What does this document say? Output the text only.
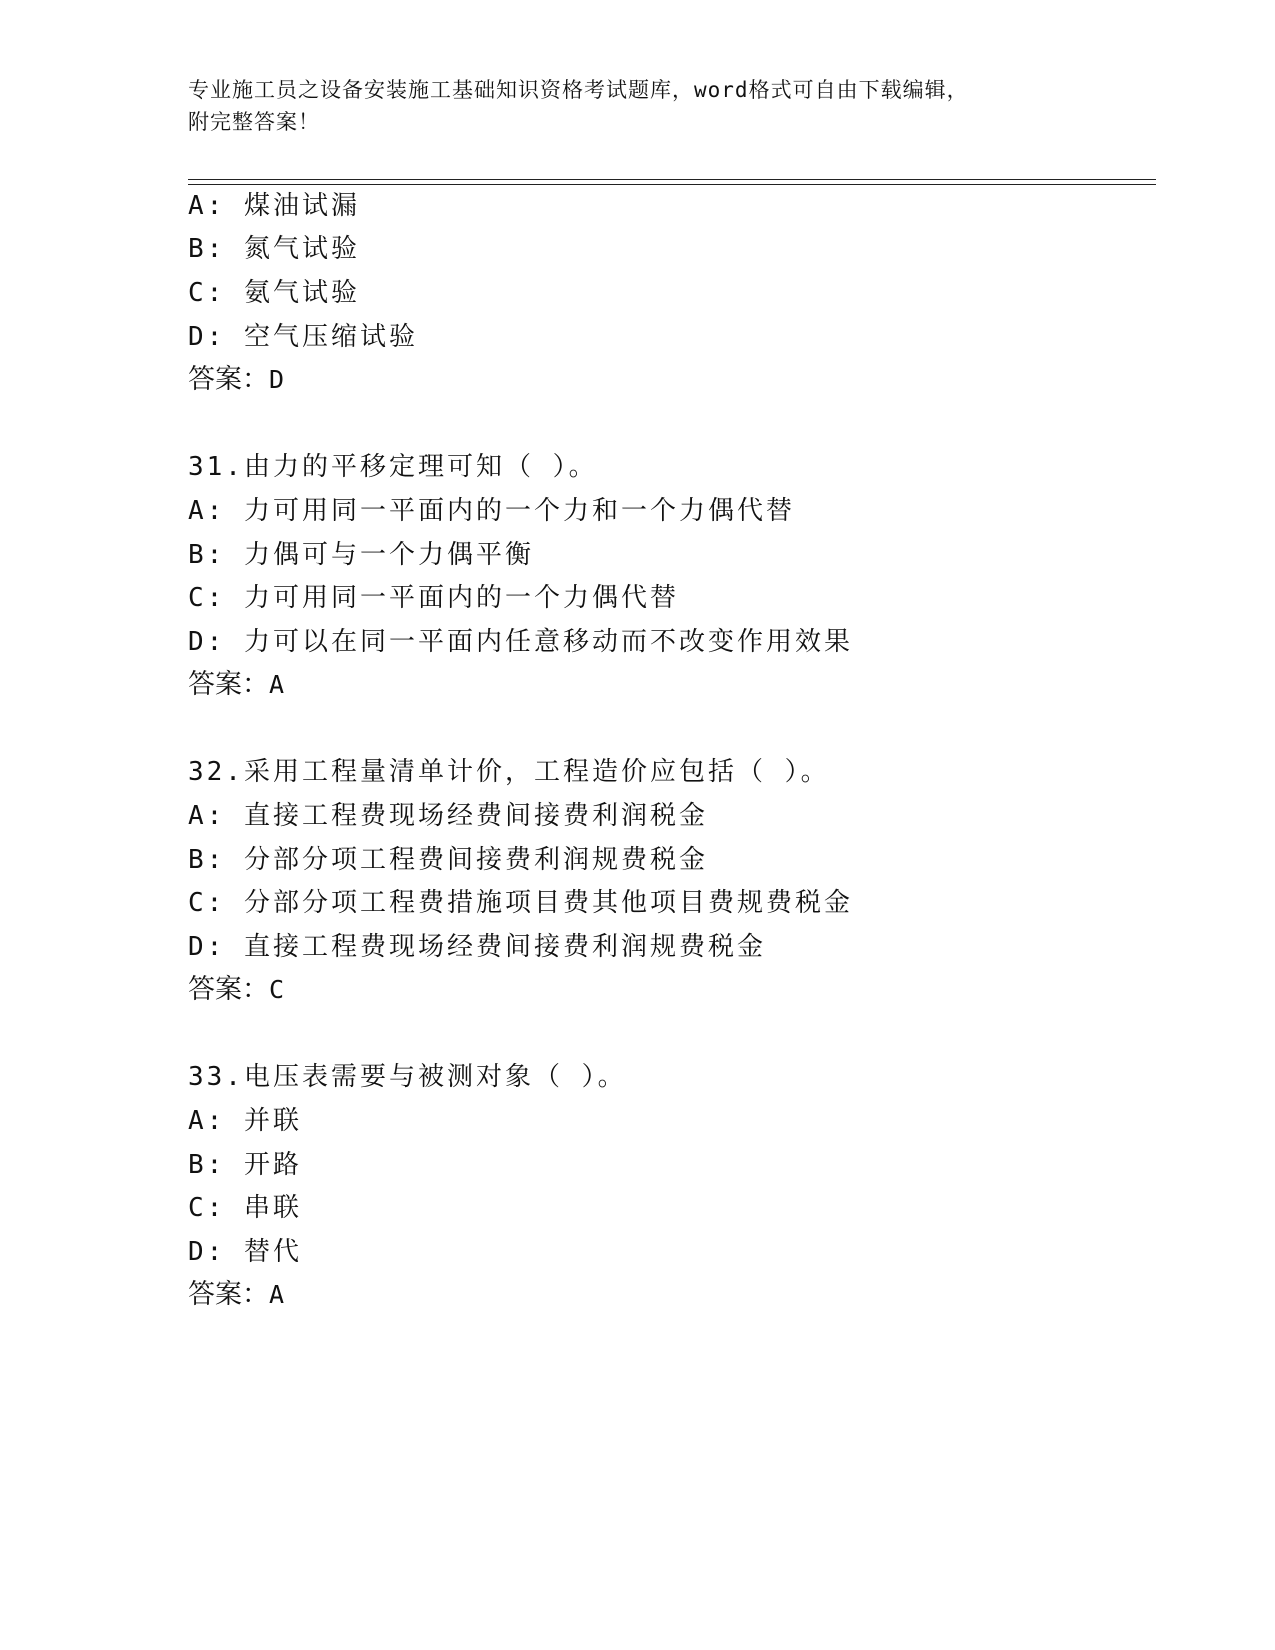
专业施工员之设备安装施工基础知识资格考试题库，word格式可自由下载编辑，
附完整答案！
A: 煤油试漏
B: 氮气试验
C: 氨气试验
D: 空气压缩试验
答案：D
31.由力的平移定理可知（ ）。
A: 力可用同一平面内的一个力和一个力偶代替
B: 力偶可与一个力偶平衡
C: 力可用同一平面内的一个力偶代替
D: 力可以在同一平面内任意移动而不改变作用效果
答案：A
32.采用工程量清单计价，工程造价应包括（ ）。
A: 直接工程费现场经费间接费利润税金
B: 分部分项工程费间接费利润规费税金
C: 分部分项工程费措施项目费其他项目费规费税金
D: 直接工程费现场经费间接费利润规费税金
答案：C
33.电压表需要与被测对象（ ）。
A: 并联
B: 开路
C: 串联
D: 替代
答案：A
